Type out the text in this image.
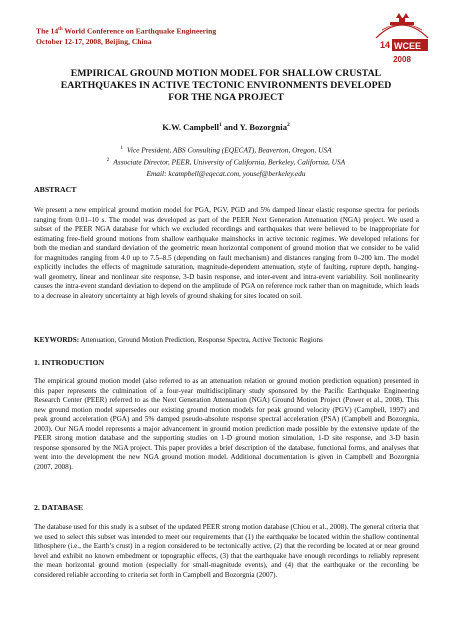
The 14th World Conference on Earthquake Engineering
October 12-17, 2008, Beijing, China	14 WCEE
2008
EMPIRICAL GROUND MOTION MODEL FOR SHALLOW CRUSTAL
EARTHQUAKES IN ACTIVE TECTONIC ENVIRONMENTS DEVELOPED
FOR THE NGA PROJECT
K.W. Campbell$^1$ and Y. Bozorgnia$^2$
$^1$ Vice President, ABS Consulting (EQECAT), Beaverton, Oregon, USA
$^2$ Associate Director, PEER, University of California, Berkeley, California, USA
Email: kcampbell@eqecat.com, yousef@berkeley.edu
ABSTRACT
We present a new empirical ground motion model for PGA, PGV, PGD and 5% damped linear elastic response spectra for periods ranging from 0.01–10 s. The model was developed as part of the PEER Next Generation Attenuation (NGA) project. We used a subset of the PEER NGA database for which we excluded recordings and earthquakes that were believed to be inappropriate for estimating free-field ground motions from shallow earthquake mainshocks in active tectonic regimes. We developed relations for both the median and standard deviation of the geometric mean horizontal component of ground motion that we consider to be valid for magnitudes ranging from 4.0 up to 7.5–8.5 (depending on fault mechanism) and distances ranging from 0–200 km. The model explicitly includes the effects of magnitude saturation, magnitude-dependent attenuation, style of faulting, rupture depth, hanging-wall geometry, linear and nonlinear site response, 3-D basin response, and inter-event and intra-event variability. Soil nonlinearity causes the intra-event standard deviation to depend on the amplitude of PGA on reference rock rather than on magnitude, which leads to a decrease in aleatory uncertainty at high levels of ground shaking for sites located on soil.
KEYWORDS: Attenuation, Ground Motion Prediction, Response Spectra, Active Tectonic Regions
1. INTRODUCTION
The empirical ground motion model (also referred to as an attenuation relation or ground motion prediction equation) presented in this paper represents the culmination of a four-year multidisciplinary study sponsored by the Pacific Earthquake Engineering Research Center (PEER) referred to as the Next Generation Attenuation (NGA) Ground Motion Project (Power et al., 2008). This new ground motion model supersedes our existing ground motion models for peak ground velocity (PGV) (Campbell, 1997) and peak ground acceleration (PGA) and 5% damped pseudo-absolute response spectral acceleration (PSA) (Campbell and Bozorgnia, 2003). Our NGA model represents a major advancement in ground motion prediction made possible by the extensive update of the PEER strong motion database and the supporting studies on 1-D ground motion simulation, 1-D site response, and 3-D basin response sponsored by the NGA project. This paper provides a brief description of the database, functional forms, and analyses that went into the development the new NGA ground motion model. Additional documentation is given in Campbell and Bozorgnia (2007, 2008).
2. DATABASE
The database used for this study is a subset of the updated PEER strong motion database (Chiou et al., 2008). The general criteria that we used to select this subset was intended to meet our requirements that (1) the earthquake be located within the shallow continental lithosphere (i.e., the Earth’s crust) in a region considered to be tectonically active, (2) that the recording be located at or near ground level and exhibit no known embedment or topographic effects, (3) that the earthquake have enough recordings to reliably represent the mean horizontal ground motion (especially for small-magnitude events), and (4) that the earthquake or the recording be considered reliable according to criteria set forth in Campbell and Bozorgnia (2007).
